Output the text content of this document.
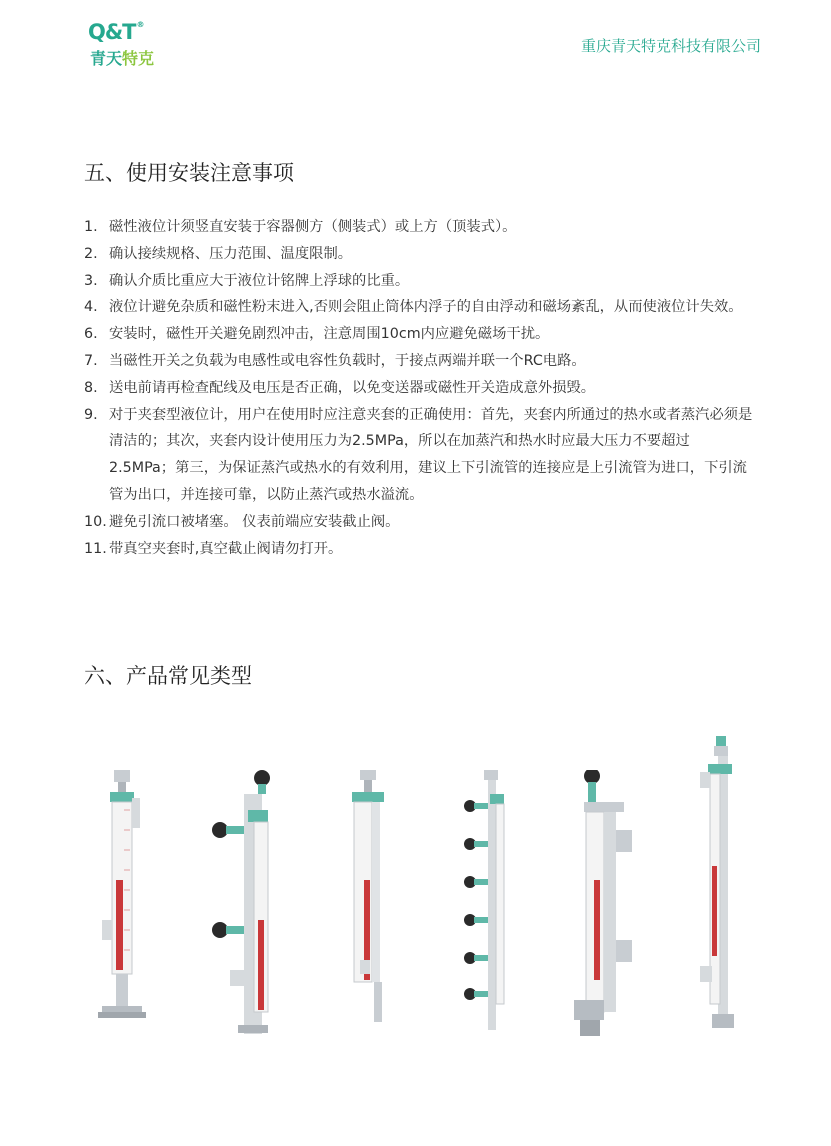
Q&T®
青天特克
重庆青天特克科技有限公司
五、使用安装注意事项
1. 磁性液位计须竖直安装于容器侧方（侧装式）或上方（顶装式）。
2. 确认接续规格、压力范围、温度限制。
3. 确认介质比重应大于液位计铭牌上浮球的比重。
4. 液位计避免杂质和磁性粉末进入,否则会阻止筒体内浮子的自由浮动和磁场紊乱，从而使液位计失效。
6. 安装时，磁性开关避免剧烈冲击，注意周围10cm内应避免磁场干扰。
7. 当磁性开关之负载为电感性或电容性负载时，于接点两端并联一个RC电路。
8. 送电前请再检查配线及电压是否正确，以免变送器或磁性开关造成意外损毁。
9. 对于夹套型液位计，用户在使用时应注意夹套的正确使用：首先，夹套内所通过的热水或者蒸汽必须是清洁的；其次，夹套内设计使用压力为2.5MPa，所以在加蒸汽和热水时应最大压力不要超过2.5MPa；第三，为保证蒸汽或热水的有效利用，建议上下引流管的连接应是上引流管为进口，下引流管为出口，并连接可靠，以防止蒸汽或热水溢流。
10. 避免引流口被堵塞。 仪表前端应安装截止阀。
11. 带真空夹套时,真空截止阀请勿打开。
六、产品常见类型
